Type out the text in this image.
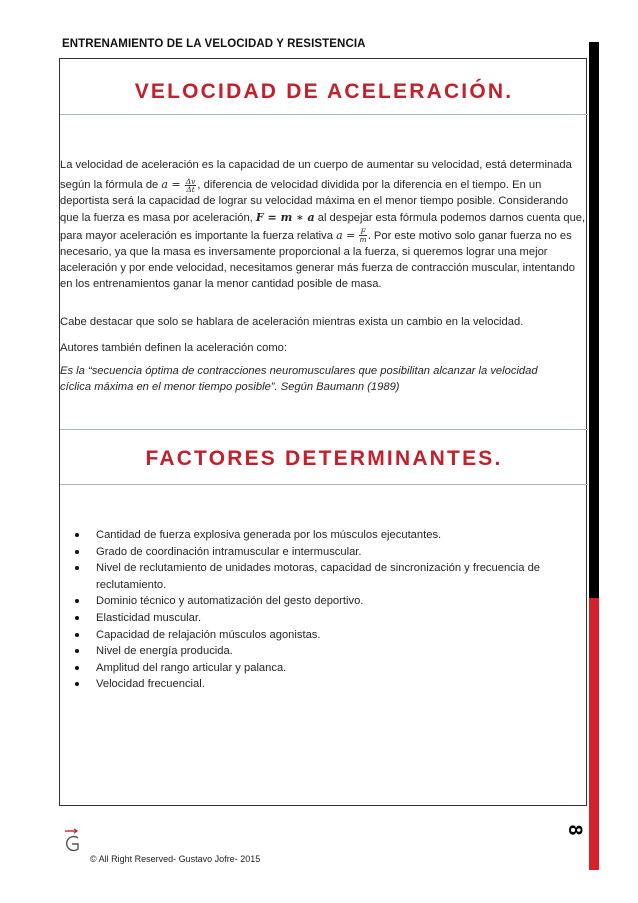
ENTRENAMIENTO DE LA VELOCIDAD Y RESISTENCIA
VELOCIDAD DE ACELERACIÓN.
La velocidad de aceleración es la capacidad de un cuerpo de aumentar su velocidad, está determinada
según la fórmula de $a = \frac{\Delta v}{\Delta t}$ , diferencia de velocidad dividida por la diferencia en el tiempo. En un
deportista será la capacidad de lograr su velocidad máxima en el menor tiempo posible. Considerando
que la fuerza es masa por aceleración, F = m ∗ a al despejar esta fórmula podemos darnos cuenta que,
para mayor aceleración es importante la fuerza relativa $a = \frac{F}{m}$ . Por este motivo solo ganar fuerza no es
necesario, ya que la masa es inversamente proporcional a la fuerza, si queremos lograr una mejor
aceleración y por ende velocidad, necesitamos generar más fuerza de contracción muscular, intentando
en los entrenamientos ganar la menor cantidad posible de masa.
Cabe destacar que solo se hablara de aceleración mientras exista un cambio en la velocidad.
Autores también definen la aceleración como:
Es la “secuencia óptima de contracciones neuromusculares que posibilitan alcanzar la velocidad
cíclica máxima en el menor tiempo posible”. Según Baumann (1989)
FACTORES DETERMINANTES.
Cantidad de fuerza explosiva generada por los músculos ejecutantes.
Grado de coordinación intramuscular e intermuscular.
Nivel de reclutamiento de unidades motoras, capacidad de sincronización y frecuencia de reclutamiento.
Dominio técnico y automatización del gesto deportivo.
Elasticidad muscular.
Capacidad de relajación músculos agonistas.
Nivel de energía producida.
Amplitud del rango articular y palanca.
Velocidad frecuencial.
8
© All Right Reserved- Gustavo Jofre- 2015
